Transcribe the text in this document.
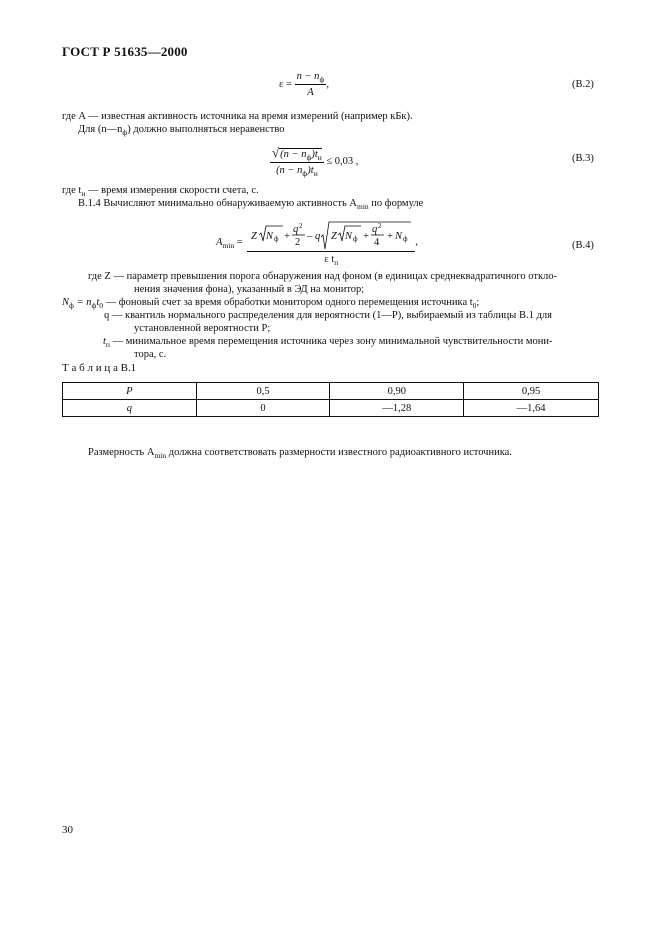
ГОСТ Р 51635—2000
$\varepsilon = \frac{n - n_ф}{A}$ ,	(B.2)
где A — известная активность источника на время измерений (например кБк).
Для $(n—n_ф)$ должно выполняться неравенство
$\frac{√(n - n_ф)t_и}{(n - n_ф)t_и} \le 0,03$ ,	(B.3)
где $t_и$ — время измерения скорости счета, с.
B.1.4 Вычисляют минимально обнаруживаемую активность $A_{min}$ по формуле
$A_{min} = Z$ N ф +
q 2
2
– q Z N ф +
q 2
4
+ N ф
ε $t_п$
,	(B.4)
где Z — параметр превышения порога обнаружения над фоном (в единицах среднеквадратичного откло-
нения значения фона), указанный в ЭД на монитор;
$N_ф = n_фt_0$ — фоновый счет за время обработки монитором одного перемещения источника $t_0$;
q — квантиль нормального распределения для вероятности (1—P), выбираемый из таблицы B.1 для
установленной вероятности P;
$t_п$ — минимальное время перемещения источника через зону минимальной чувствительности мони-
тора, с.
Т а б л и ц а B.1
P	0,5	0,90	0,95
q	0	—1,28	—1,64
Размерность $A_{min}$ должна соответствовать размерности известного радиоактивного источника.
30
